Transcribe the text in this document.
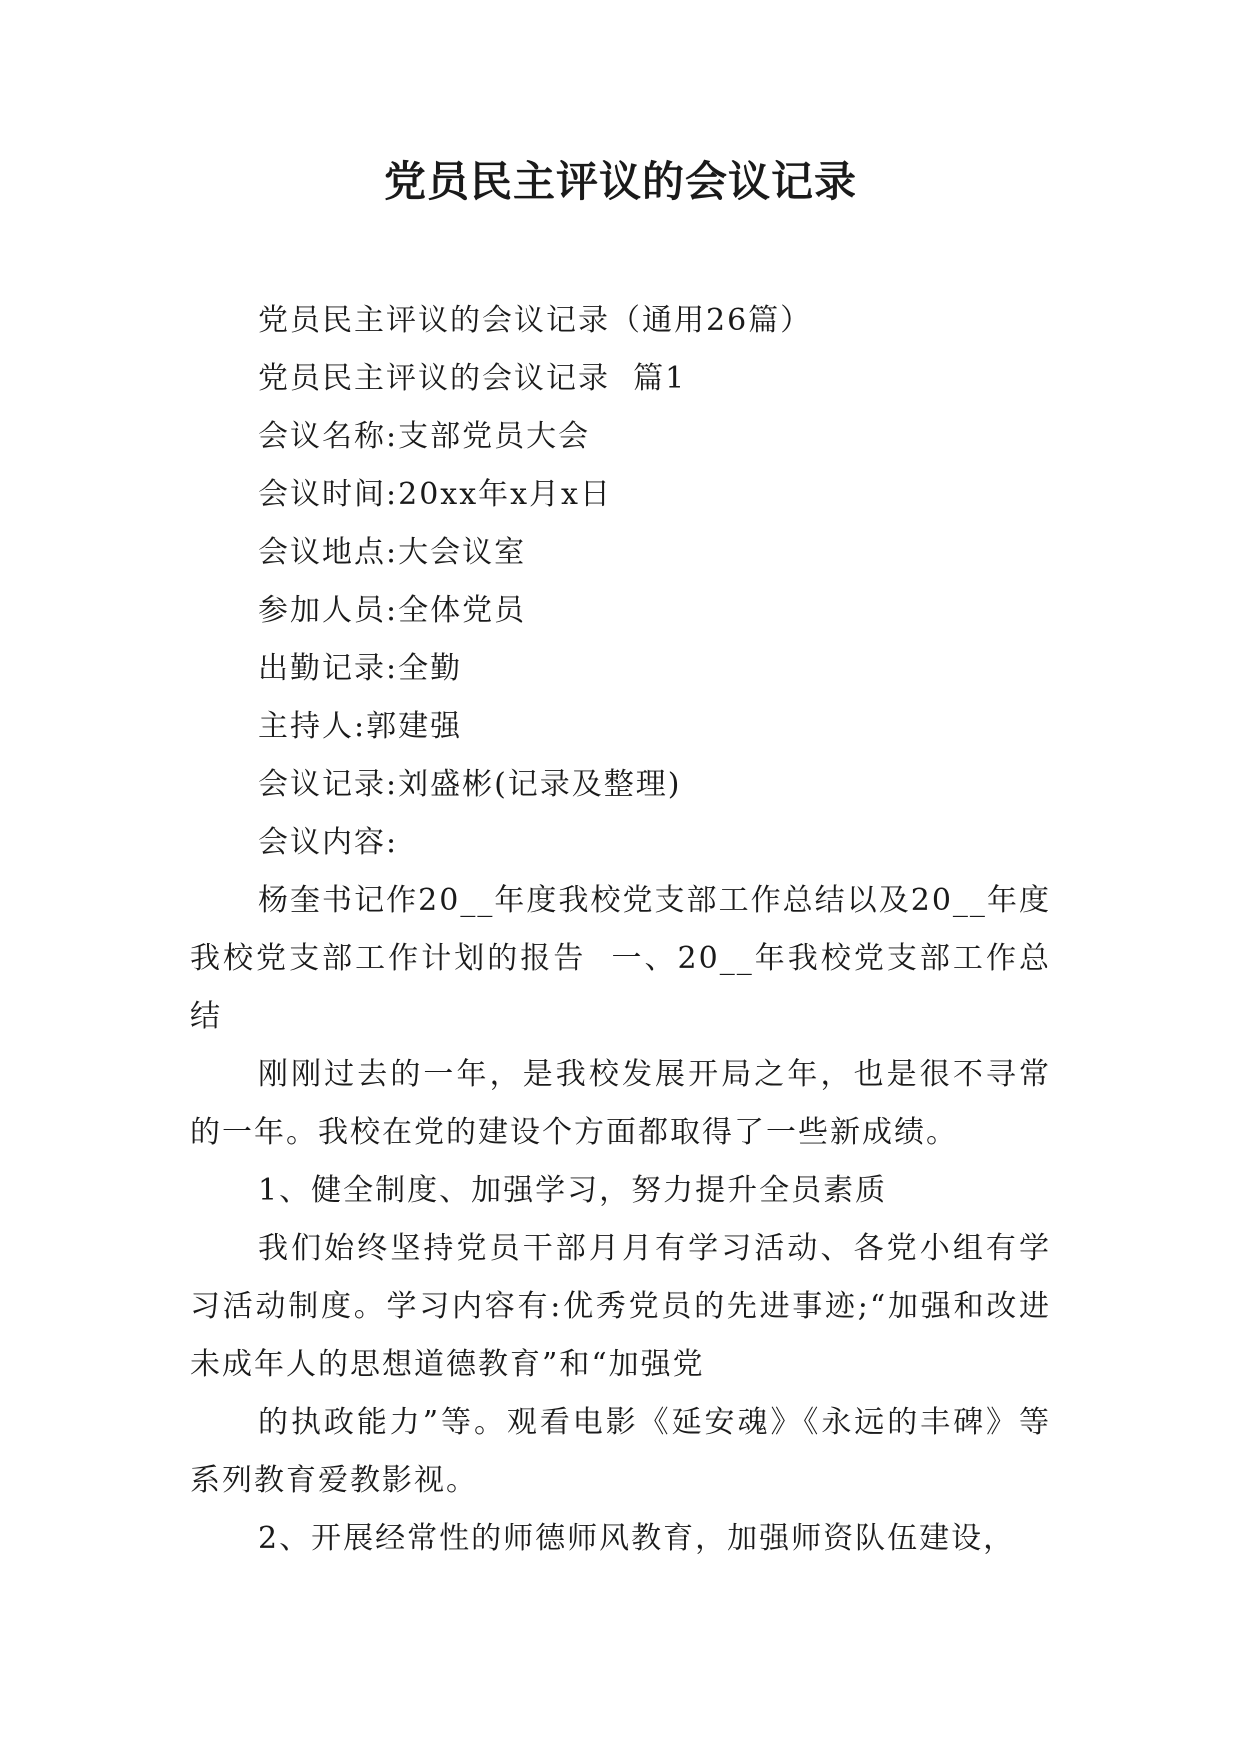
党员民主评议的会议记录

党员民主评议的会议记录（通用26篇）

党员民主评议的会议记录  篇1

会议名称:支部党员大会

会议时间:20xx年x月x日

会议地点:大会议室

参加人员:全体党员

出勤记录:全勤

主持人:郭建强

会议记录:刘盛彬(记录及整理)

会议内容:

杨奎书记作20__年度我校党支部工作总结以及20__年度我校党支部工作计划的报告  一、20__年我校党支部工作总结

刚刚过去的一年，是我校发展开局之年，也是很不寻常的一年。我校在党的建设个方面都取得了一些新成绩。

1、健全制度、加强学习，努力提升全员素质

我们始终坚持党员干部月月有学习活动、各党小组有学习活动制度。学习内容有:优秀党员的先进事迹;“加强和改进未成年人的思想道德教育”和“加强党

的执政能力”等。观看电影《延安魂》《永远的丰碑》等系列教育爱教影视。

2、开展经常性的师德师风教育，加强师资队伍建设，
